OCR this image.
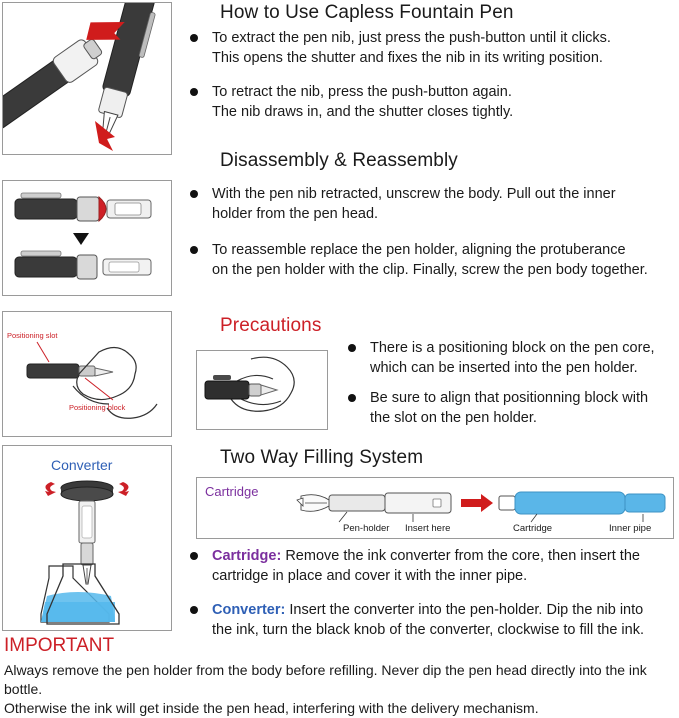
Positioning slot
Positioning block
Converter
How to Use Capless Fountain Pen
To extract the pen nib, just press the push-button until it clicks.
This opens the shutter and fixes the nib in its writing position.
To retract the nib, press the push-button again.
The nib draws in, and the shutter closes tightly.
Disassembly & Reassembly
With the pen nib retracted, unscrew the body. Pull out the inner
holder from the pen head.
To reassemble replace the pen holder, aligning the protuberance
on the pen holder with the clip. Finally, screw the pen body together.
Precautions
There is a positioning block on the pen core,
which can be inserted into the pen holder.
Be sure to align that positionning block with
the slot on the pen holder.
Two Way Filling System
Cartridge
Pen-holder Insert here	Cartridge	Inner pipe
Cartridge: Remove the ink converter from the core, then insert the
cartridge in place and cover it with the inner pipe.
Converter: Insert the converter into the pen-holder. Dip the nib into
the ink, turn the black knob of the converter, clockwise to fill the ink.
IMPORTANT
Always remove the pen holder from the body before refilling. Never dip the pen head directly into the ink bottle.
Otherwise the ink will get inside the pen head, interfering with the delivery mechanism.
